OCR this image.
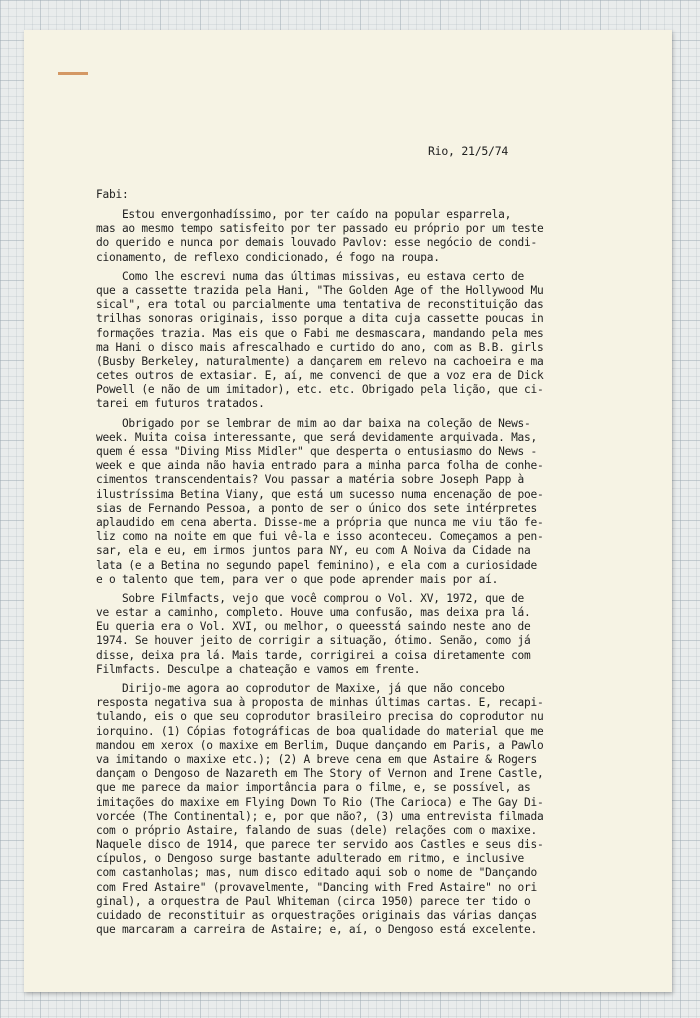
Rio, 21/5/74

Fabi:

Estou envergonhadíssimo, por ter caído na popular esparrela,
mas ao mesmo tempo satisfeito por ter passado eu próprio por um teste
do querido e nunca por demais louvado Pavlov: esse negócio de condi-
cionamento, de reflexo condicionado, é fogo na roupa.
Como lhe escrevi numa das últimas missivas, eu estava certo de
que a cassette trazida pela Hani, "The Golden Age of the Hollywood Mu
sical", era total ou parcialmente uma tentativa de reconstituição das
trilhas sonoras originais, isso porque a dita cuja cassette poucas in
formações trazia. Mas eis que o Fabi me desmascara, mandando pela mes
ma Hani o disco mais afrescalhado e curtido do ano, com as B.B. girls
(Busby Berkeley, naturalmente) a dançarem em relevo na cachoeira e ma
cetes outros de extasiar. E, aí, me convenci de que a voz era de Dick
Powell (e não de um imitador), etc. etc. Obrigado pela lição, que ci-
tarei em futuros tratados.
Obrigado por se lembrar de mim ao dar baixa na coleção de News-
week. Muita coisa interessante, que será devidamente arquivada. Mas,
quem é essa "Diving Miss Midler" que desperta o entusiasmo do News -
week e que ainda não havia entrado para a minha parca folha de conhe-
cimentos transcendentais? Vou passar a matéria sobre Joseph Papp à
ilustríssima Betina Viany, que está um sucesso numa encenação de poe-
sias de Fernando Pessoa, a ponto de ser o único dos sete intérpretes
aplaudido em cena aberta. Disse-me a própria que nunca me viu tão fe-
liz como na noite em que fui vê-la e isso aconteceu. Começamos a pen-
sar, ela e eu, em irmos juntos para NY, eu com A Noiva da Cidade na
lata (e a Betina no segundo papel feminino), e ela com a curiosidade
e o talento que tem, para ver o que pode aprender mais por aí.
Sobre Filmfacts, vejo que você comprou o Vol. XV, 1972, que de
ve estar a caminho, completo. Houve uma confusão, mas deixa pra lá.
Eu queria era o Vol. XVI, ou melhor, o queesstá saindo neste ano de
1974. Se houver jeito de corrigir a situação, ótimo. Senão, como já
disse, deixa pra lá. Mais tarde, corrigirei a coisa diretamente com
Filmfacts. Desculpe a chateação e vamos em frente.
Dirijo-me agora ao coprodutor de Maxixe, já que não concebo
resposta negativa sua à proposta de minhas últimas cartas. E, recapi-
tulando, eis o que seu coprodutor brasileiro precisa do coprodutor nu
iorquino. (1) Cópias fotográficas de boa qualidade do material que me
mandou em xerox (o maxixe em Berlim, Duque dançando em Paris, a Pawlo
va imitando o maxixe etc.); (2) A breve cena em que Astaire & Rogers
dançam o Dengoso de Nazareth em The Story of Vernon and Irene Castle,
que me parece da maior importância para o filme, e, se possível, as
imitações do maxixe em Flying Down To Rio (The Carioca) e The Gay Di-
vorcée (The Continental); e, por que não?, (3) uma entrevista filmada
com o próprio Astaire, falando de suas (dele) relações com o maxixe.
Naquele disco de 1914, que parece ter servido aos Castles e seus dis-
cípulos, o Dengoso surge bastante adulterado em ritmo, e inclusive
com castanholas; mas, num disco editado aqui sob o nome de "Dançando
com Fred Astaire" (provavelmente, "Dancing with Fred Astaire" no ori
ginal), a orquestra de Paul Whiteman (circa 1950) parece ter tido o
cuidado de reconstituir as orquestrações originais das várias danças
que marcaram a carreira de Astaire; e, aí, o Dengoso está excelente.
